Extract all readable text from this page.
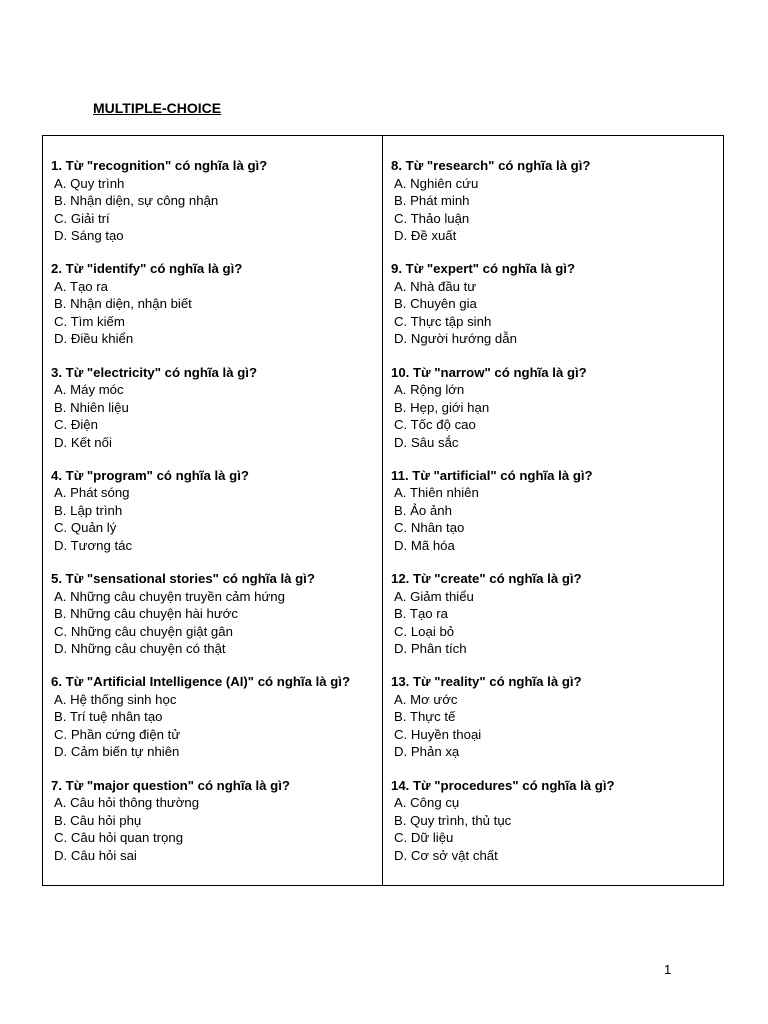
MULTIPLE-CHOICE
1. Từ "recognition" có nghĩa là gì?
A. Quy trình
B. Nhận diện, sự công nhận
C. Giải trí
D. Sáng tạo
2. Từ "identify" có nghĩa là gì?
A. Tạo ra
B. Nhận diện, nhận biết
C. Tìm kiếm
D. Điều khiển
3. Từ "electricity" có nghĩa là gì?
A. Máy móc
B. Nhiên liệu
C. Điện
D. Kết nối
4. Từ "program" có nghĩa là gì?
A. Phát sóng
B. Lập trình
C. Quản lý
D. Tương tác
5. Từ "sensational stories" có nghĩa là gì?
A. Những câu chuyện truyền cảm hứng
B. Những câu chuyện hài hước
C. Những câu chuyện giật gân
D. Những câu chuyện có thật
6. Từ "Artificial Intelligence (AI)" có nghĩa là gì?
A. Hệ thống sinh học
B. Trí tuệ nhân tạo
C. Phần cứng điện tử
D. Cảm biến tự nhiên
7. Từ "major question" có nghĩa là gì?
A. Câu hỏi thông thường
B. Câu hỏi phụ
C. Câu hỏi quan trọng
D. Câu hỏi sai
8. Từ "research" có nghĩa là gì?
A. Nghiên cứu
B. Phát minh
C. Thảo luận
D. Đề xuất
9. Từ "expert" có nghĩa là gì?
A. Nhà đầu tư
B. Chuyên gia
C. Thực tập sinh
D. Người hướng dẫn
10. Từ "narrow" có nghĩa là gì?
A. Rộng lớn
B. Hẹp, giới hạn
C. Tốc độ cao
D. Sâu sắc
11. Từ "artificial" có nghĩa là gì?
A. Thiên nhiên
B. Ảo ảnh
C. Nhân tạo
D. Mã hóa
12. Từ "create" có nghĩa là gì?
A. Giảm thiểu
B. Tạo ra
C. Loại bỏ
D. Phân tích
13. Từ "reality" có nghĩa là gì?
A. Mơ ước
B. Thực tế
C. Huyền thoại
D. Phản xạ
14. Từ "procedures" có nghĩa là gì?
A. Công cụ
B. Quy trình, thủ tục
C. Dữ liệu
D. Cơ sở vật chất
1
